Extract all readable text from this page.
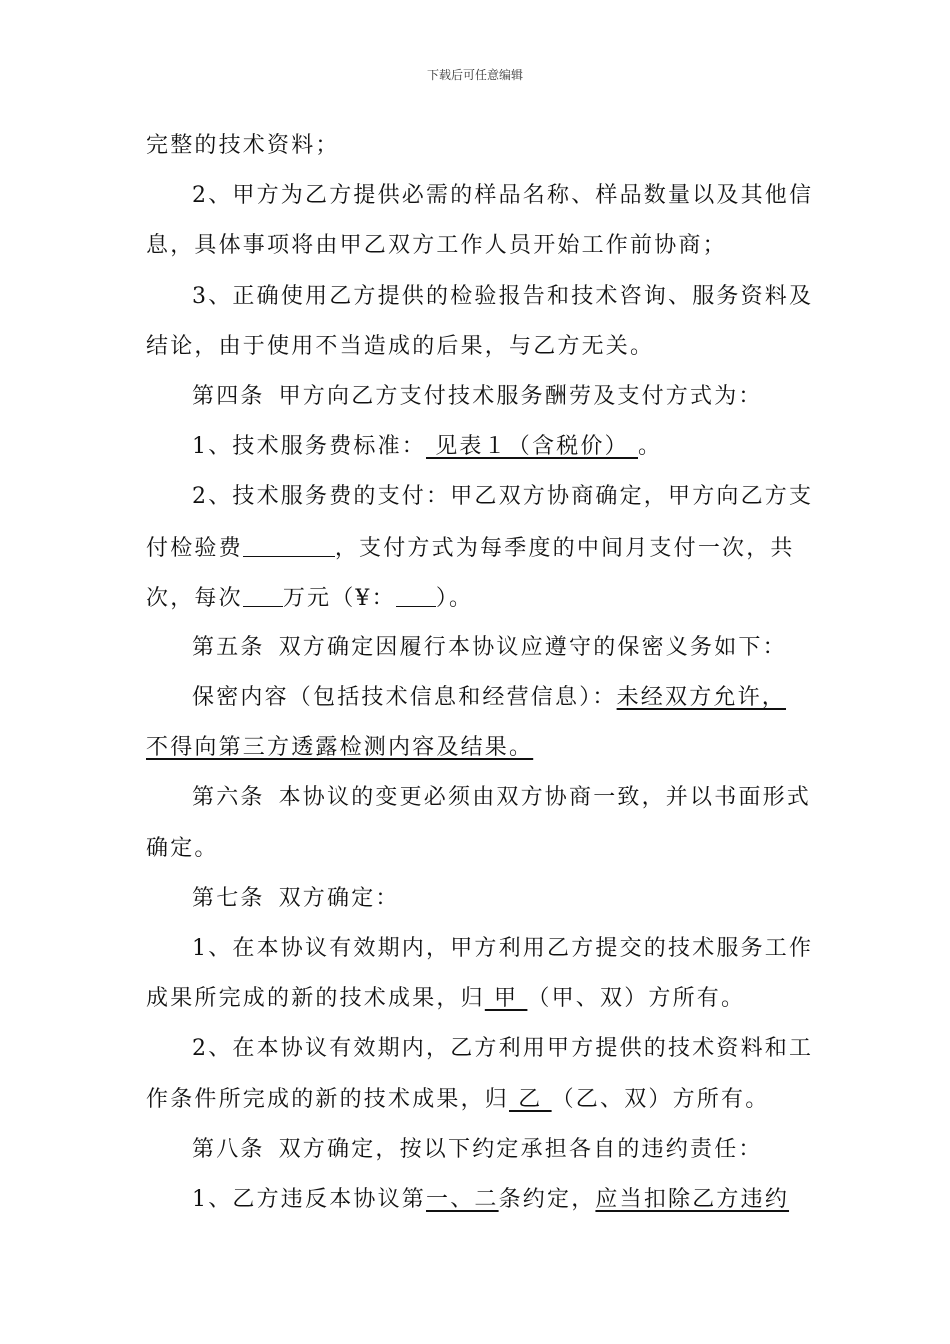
下载后可任意编辑
完整的技术资料；
2、甲方为乙方提供必需的样品名称、样品数量以及其他信
息，具体事项将由甲乙双方工作人员开始工作前协商；
3、正确使用乙方提供的检验报告和技术咨询、服务资料及
结论，由于使用不当造成的后果，与乙方无关。
第四条 甲方向乙方支付技术服务酬劳及支付方式为：
1、技术服务费标准： 见表１（含税价） 。
2、技术服务费的支付：甲乙双方协商确定，甲方向乙方支
付检验费	，支付方式为每季度的中间月支付一次，共
次，每次 万元（¥： ）。
第五条 双方确定因履行本协议应遵守的保密义务如下：
保密内容（包括技术信息和经营信息）：未经双方允许，
不得向第三方透露检测内容及结果。
第六条 本协议的变更必须由双方协商一致，并以书面形式
确定。
第七条 双方确定：
1、在本协议有效期内，甲方利用乙方提交的技术服务工作
成果所完成的新的技术成果，归 甲 （甲、双）方所有。
2、在本协议有效期内，乙方利用甲方提供的技术资料和工
作条件所完成的新的技术成果，归 乙 （乙、双）方所有。
第八条 双方确定，按以下约定承担各自的违约责任：
1、乙方违反本协议第一、二条约定，应当扣除乙方违约
